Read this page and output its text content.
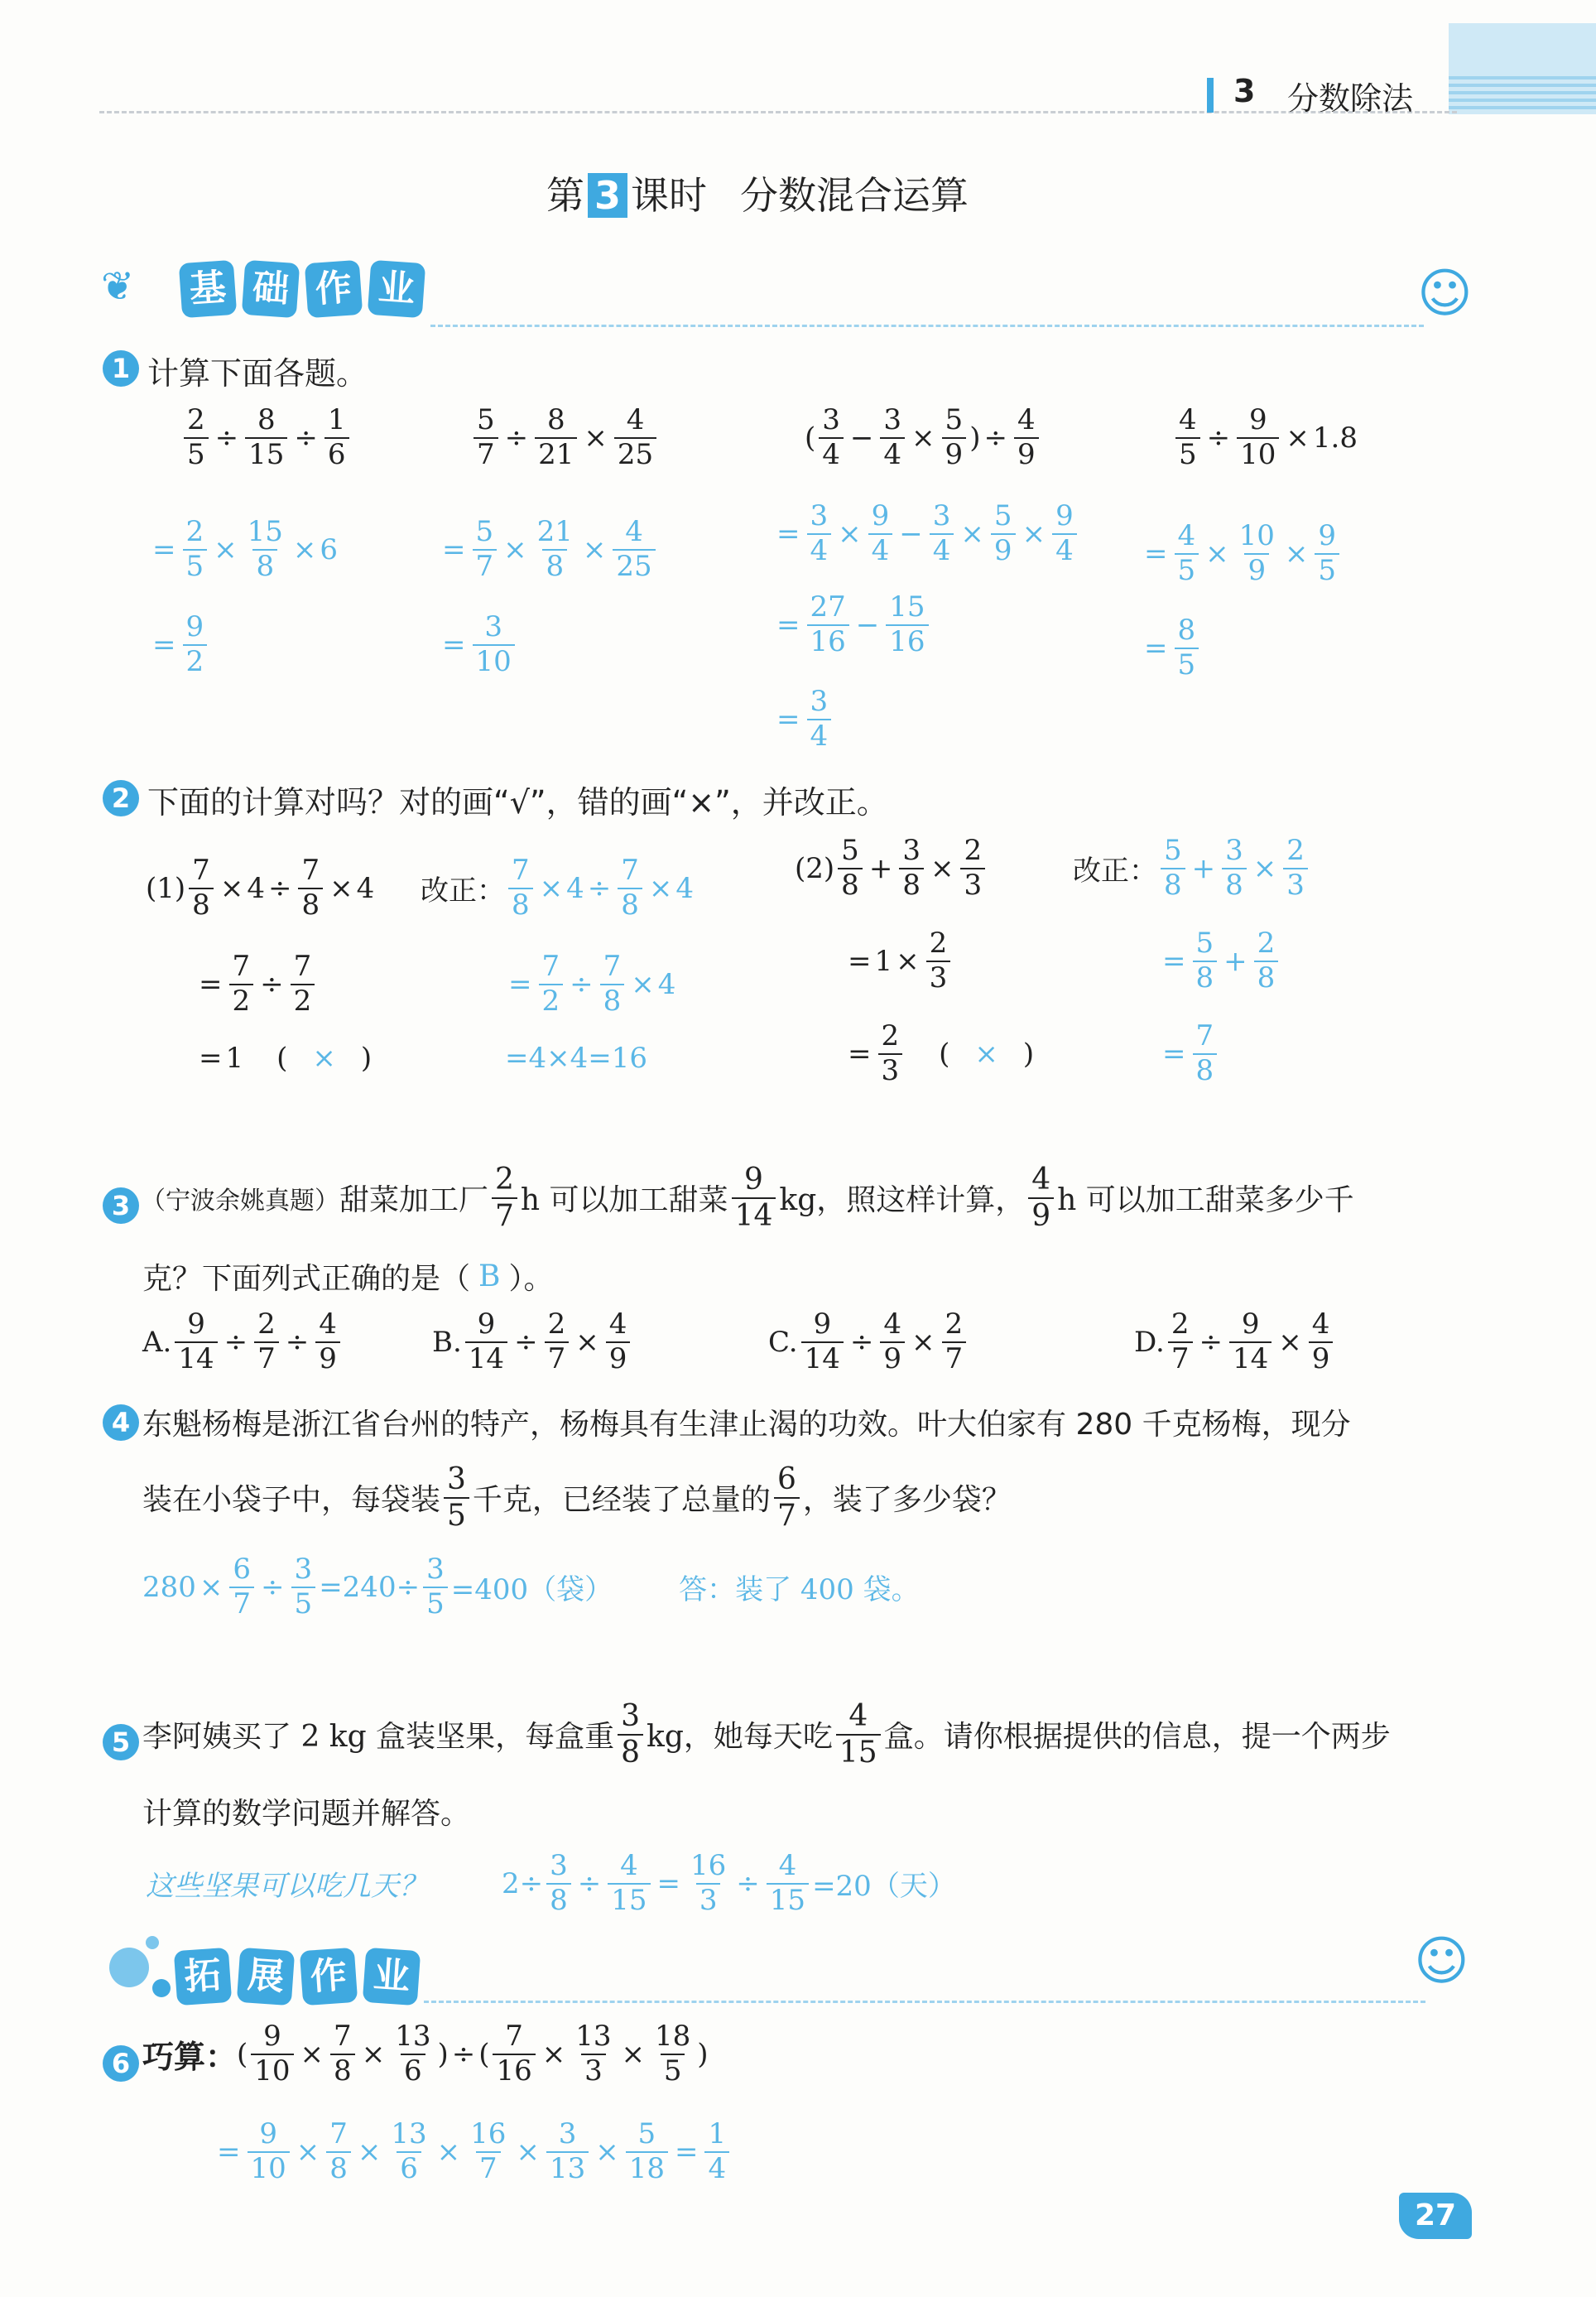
3 分数除法
第 3 课时 分数混合运算
❦ 基 础 作 业	☺
1 计算下面各题。
$\frac{2}{5} \div \frac{8}{15} \div \frac{1}{6}$
= $\frac{2}{5} \times \frac{15}{8} \times 6$
= $\frac{9}{2}$
$\frac{5}{7} \div \frac{8}{21} \times \frac{4}{25}$
= $\frac{5}{7} \times \frac{21}{8} \times \frac{4}{25}$
= $\frac{3}{10}$
( $\frac{3}{4} - \frac{3}{4} \times \frac{5}{9}$ ) ÷ $\frac{4}{9}$
= $\frac{3}{4} \times \frac{9}{4} - \frac{3}{4} \times \frac{5}{9} \times \frac{9}{4}$
= $\frac{27}{16} - \frac{15}{16}$
= $\frac{3}{4}$
$\frac{4}{5} \div \frac{9}{10} \times 1.8$
= $\frac{4}{5} \times \frac{10}{9} \times \frac{9}{5}$
= $\frac{8}{5}$
2 下面的计算对吗？对的画“√”，错的画“×”，并改正。
$(1) \frac{7}{8} \times 4 \div \frac{7}{8} \times 4$
= $\frac{7}{2} \div \frac{7}{2}$
= 1 ( × )
改正： $\frac{7}{8} \times 4 \div \frac{7}{8} \times 4$
= $\frac{7}{2} \div \frac{7}{8} \times 4$
=4×4=16
$(2) \frac{5}{8} + \frac{3}{8} \times \frac{2}{3}$
= $1 \times \frac{2}{3}$
= $\frac{2}{3}$ ( × )
改正： $\frac{5}{8} + \frac{3}{8} \times \frac{2}{3}$
= $\frac{5}{8} + \frac{2}{8}$
= $\frac{7}{8}$
3 （宁波余姚真题） 甜菜加工厂 $\frac{2}{7}$ h 可以加工甜菜 $\frac{9}{14}$ kg，照这样计算， $\frac{4}{9}$ h 可以加工甜菜多少千
克？下面列式正确的是（ B ）。
A. $\frac{9}{14} \div \frac{2}{7} \div \frac{4}{9}$	B. $\frac{9}{14} \div \frac{2}{7} \times \frac{4}{9}$	C. $\frac{9}{14} \div \frac{4}{9} \times \frac{2}{7}$	D. $\frac{2}{7} \div \frac{9}{14} \times \frac{4}{9}$
4 东魁杨梅是浙江省台州的特产，杨梅具有生津止渴的功效。叶大伯家有 280 千克杨梅，现分
装在小袋子中，每袋装 $\frac{3}{5}$ 千克，已经装了总量的 $\frac{6}{7}$ ，装了多少袋？
$280 \times \frac{6}{7} \div \frac{3}{5} =240\div \frac{3}{5} =400$（袋） 答：装了 400 袋。
5 李阿姨买了 2 kg 盒装坚果，每盒重 $\frac{3}{8}$ kg，她每天吃 $\frac{4}{15}$ 盒。请你根据提供的信息，提一个两步
计算的数学问题并解答。
这些坚果可以吃几天？	$2\div \frac{3}{8} \div \frac{4}{15} = \frac{16}{3} \div \frac{4}{15} =20$（天）
拓 展 作 业	☺
6 巧算： ( $\frac{9}{10} \times \frac{7}{8} \times \frac{13}{6}$ ) ÷ ( $\frac{7}{16} \times \frac{13}{3} \times \frac{18}{5}$ )
= $\frac{9}{10} \times \frac{7}{8} \times \frac{13}{6} \times \frac{16}{7} \times \frac{3}{13} \times \frac{5}{18} = \frac{1}{4}$
27
